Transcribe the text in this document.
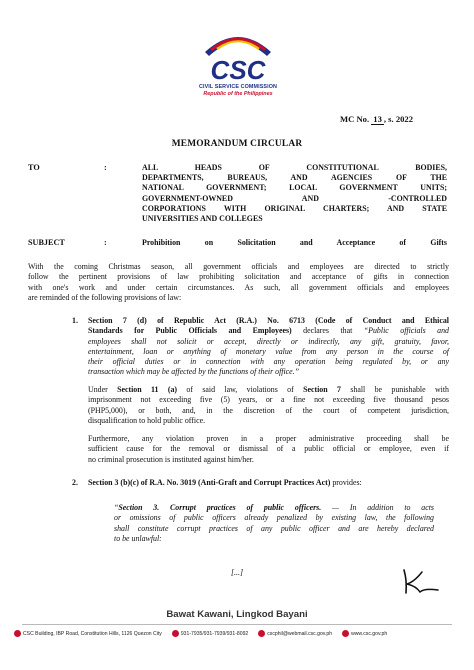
CSC
CIVIL SERVICE COMMISSION
Republic of the Philippines
MC No. 13 , s. 2022
MEMORANDUM CIRCULAR
TO	:	ALL HEADS OF CONSTITUTIONAL BODIES,
DEPARTMENTS, BUREAUS, AND AGENCIES OF THE
NATIONAL GOVERNMENT; LOCAL GOVERNMENT UNITS;
GOVERNMENT-OWNED AND -CONTROLLED
CORPORATIONS WITH ORIGINAL CHARTERS; AND STATE
UNIVERSITIES AND COLLEGES
SUBJECT	:	Prohibition on Solicitation and Acceptance of Gifts
With the coming Christmas season, all government officials and employees are directed to strictly
follow the pertinent provisions of law prohibiting solicitation and acceptance of gifts in connection
with one's work and under certain circumstances. As such, all government officials and employees
are reminded of the following provisions of law:
1. Section 7 (d) of Republic Act (R.A.) No. 6713 (Code of Conduct and Ethical
Standards for Public Officials and Employees) declares that “Public officials and
employees shall not solicit or accept, directly or indirectly, any gift, gratuity, favor,
entertainment, loan or anything of monetary value from any person in the course of
their official duties or in connection with any operation being regulated by, or any
transaction which may be affected by the functions of their office.”
Under Section 11 (a) of said law, violations of Section 7 shall be punishable with
imprisonment not exceeding five (5) years, or a fine not exceeding five thousand pesos
(PHP5,000), or both, and, in the discretion of the court of competent jurisdiction,
disqualification to hold public office.
Furthermore, any violation proven in a proper administrative proceeding shall be
sufficient cause for the removal or dismissal of a public official or employee, even if
no criminal prosecution is instituted against him/her.
2. Section 3 (b)(c) of R.A. No. 3019 (Anti-Graft and Corrupt Practices Act) provides:
“Section 3. Corrupt practices of public officers. — In addition to acts
or omissions of public officers already penalized by existing law, the following
shall constitute corrupt practices of any public officer and are hereby declared
to be unlawful:
[...]
Bawat Kawani, Lingkod Bayani
CSC Building, IBP Road, Constitution Hills, 1126 Quezon City	931-7935/931-7939/931-8092	cscphil@webmail.csc.gov.ph	www.csc.gov.ph
